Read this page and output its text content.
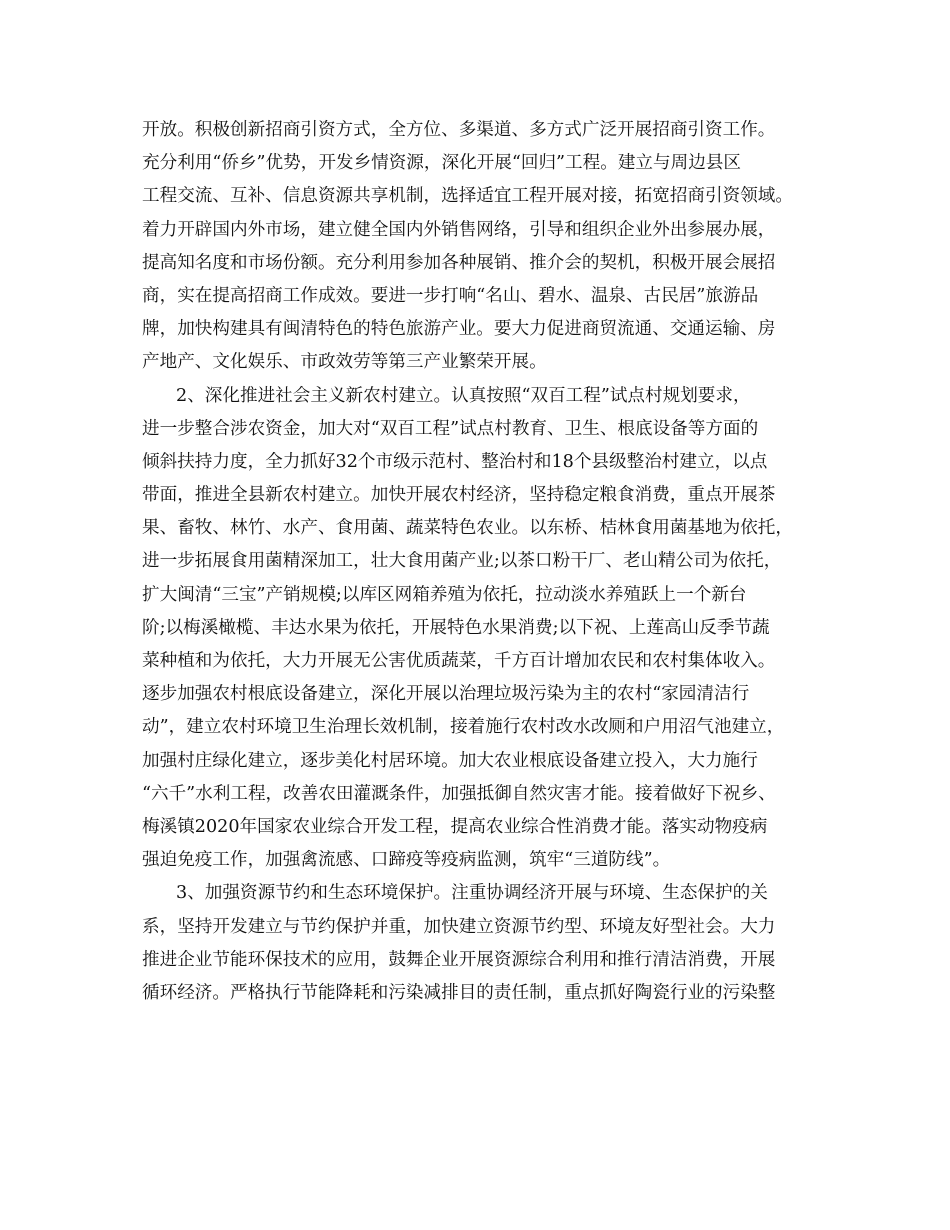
开放。积极创新招商引资方式，全方位、多渠道、多方式广泛开展招商引资工作。
充分利用“侨乡”优势，开发乡情资源，深化开展“回归”工程。建立与周边县区
工程交流、互补、信息资源共享机制，选择适宜工程开展对接，拓宽招商引资领域。
着力开辟国内外市场，建立健全国内外销售网络，引导和组织企业外出参展办展，
提高知名度和市场份额。充分利用参加各种展销、推介会的契机，积极开展会展招
商，实在提高招商工作成效。要进一步打响“名山、碧水、温泉、古民居”旅游品
牌，加快构建具有闽清特色的特色旅游产业。要大力促进商贸流通、交通运输、房
产地产、文化娱乐、市政效劳等第三产业繁荣开展。
2、深化推进社会主义新农村建立。认真按照“双百工程”试点村规划要求，
进一步整合涉农资金，加大对“双百工程”试点村教育、卫生、根底设备等方面的
倾斜扶持力度，全力抓好32个市级示范村、整治村和18个县级整治村建立，以点
带面，推进全县新农村建立。加快开展农村经济，坚持稳定粮食消费，重点开展茶
果、畜牧、林竹、水产、食用菌、蔬菜特色农业。以东桥、桔林食用菌基地为依托，
进一步拓展食用菌精深加工，壮大食用菌产业;以茶口粉干厂、老山精公司为依托，
扩大闽清“三宝”产销规模;以库区网箱养殖为依托，拉动淡水养殖跃上一个新台
阶;以梅溪橄榄、丰达水果为依托，开展特色水果消费;以下祝、上莲高山反季节蔬
菜种植和为依托，大力开展无公害优质蔬菜，千方百计增加农民和农村集体收入。
逐步加强农村根底设备建立，深化开展以治理垃圾污染为主的农村“家园清洁行
动”，建立农村环境卫生治理长效机制，接着施行农村改水改厕和户用沼气池建立，
加强村庄绿化建立，逐步美化村居环境。加大农业根底设备建立投入，大力施行
“六千”水利工程，改善农田灌溉条件，加强抵御自然灾害才能。接着做好下祝乡、
梅溪镇2020年国家农业综合开发工程，提高农业综合性消费才能。落实动物疫病
强迫免疫工作，加强禽流感、口蹄疫等疫病监测，筑牢“三道防线”。
3、加强资源节约和生态环境保护。注重协调经济开展与环境、生态保护的关
系，坚持开发建立与节约保护并重，加快建立资源节约型、环境友好型社会。大力
推进企业节能环保技术的应用，鼓舞企业开展资源综合利用和推行清洁消费，开展
循环经济。严格执行节能降耗和污染减排目的责任制，重点抓好陶瓷行业的污染整
